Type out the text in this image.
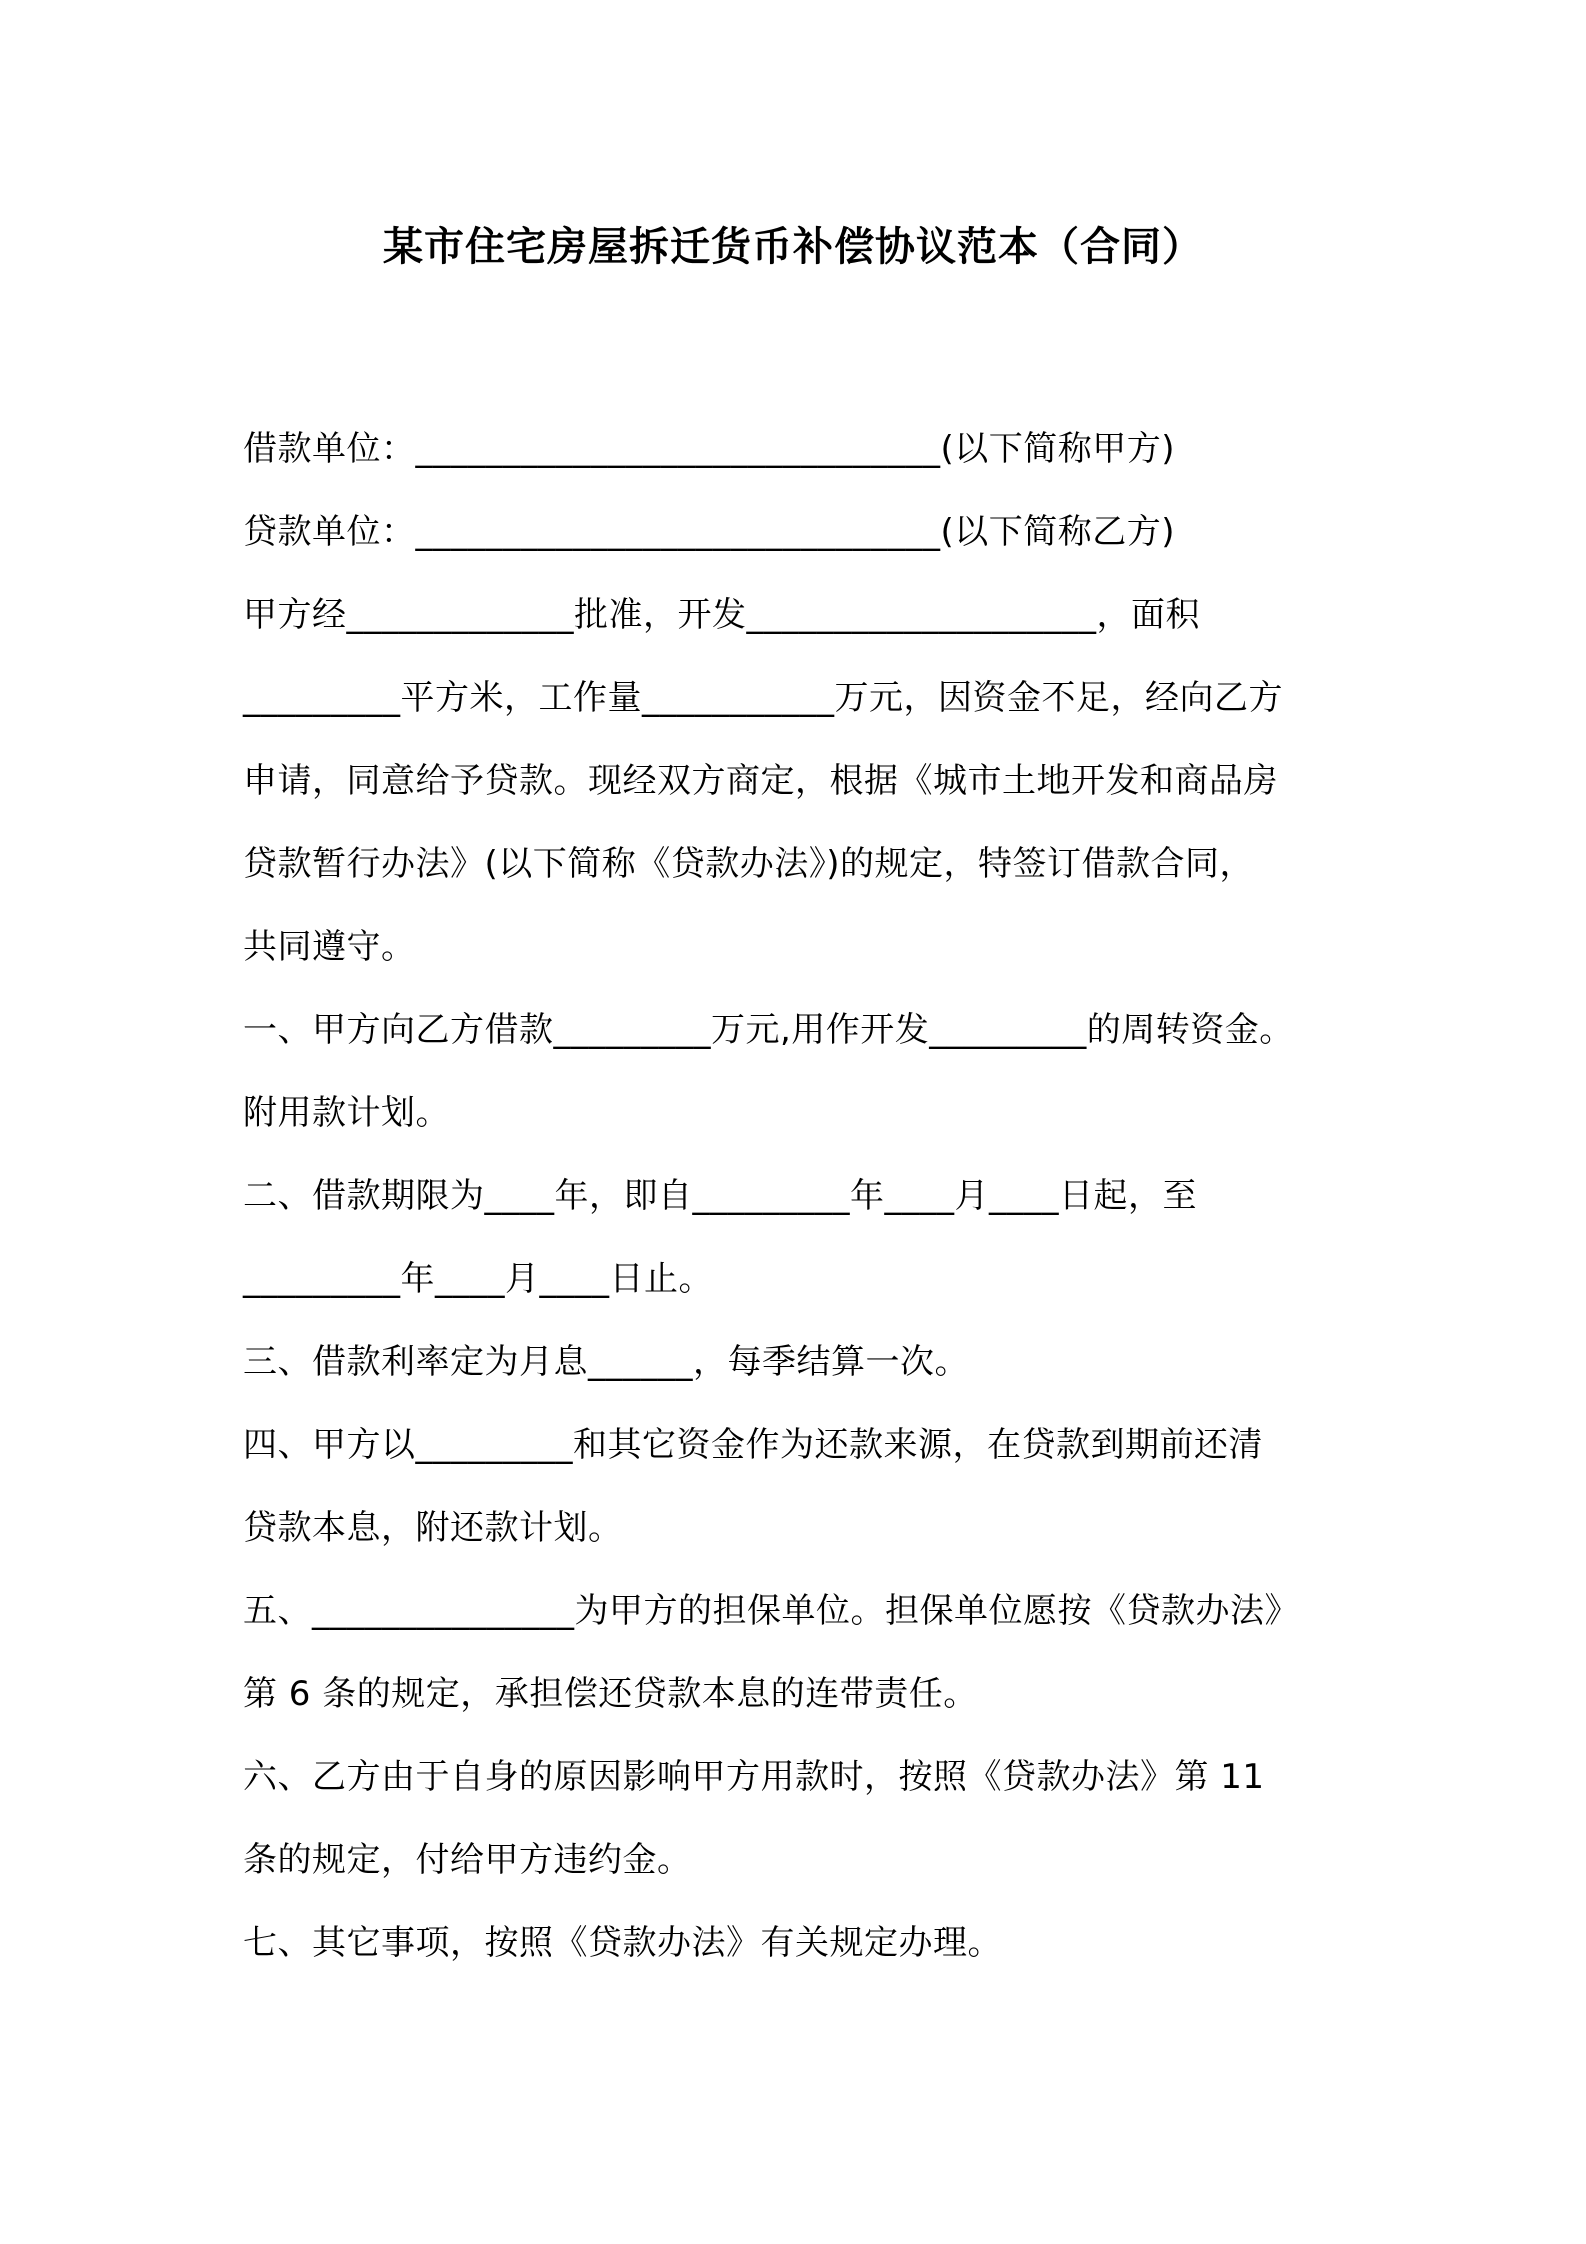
某市住宅房屋拆迁货币补偿协议范本（合同）
借款单位：______________________________(以下简称甲方)
贷款单位：______________________________(以下简称乙方)
甲方经_____________批准，开发____________________，面积
_________平方米，工作量___________万元，因资金不足，经向乙方
申请，同意给予贷款。现经双方商定，根据《城市土地开发和商品房
贷款暂行办法》(以下简称《贷款办法》)的规定，特签订借款合同，
共同遵守。
一、甲方向乙方借款_________万元,用作开发_________的周转资金。
附用款计划。
二、借款期限为____年，即自_________年____月____日起，至
_________年____月____日止。
三、借款利率定为月息______，每季结算一次。
四、甲方以_________和其它资金作为还款来源，在贷款到期前还清
贷款本息，附还款计划。
五、_______________为甲方的担保单位。担保单位愿按《贷款办法》
第 6 条的规定，承担偿还贷款本息的连带责任。
六、乙方由于自身的原因影响甲方用款时，按照《贷款办法》第 11
条的规定，付给甲方违约金。
七、其它事项，按照《贷款办法》有关规定办理。
